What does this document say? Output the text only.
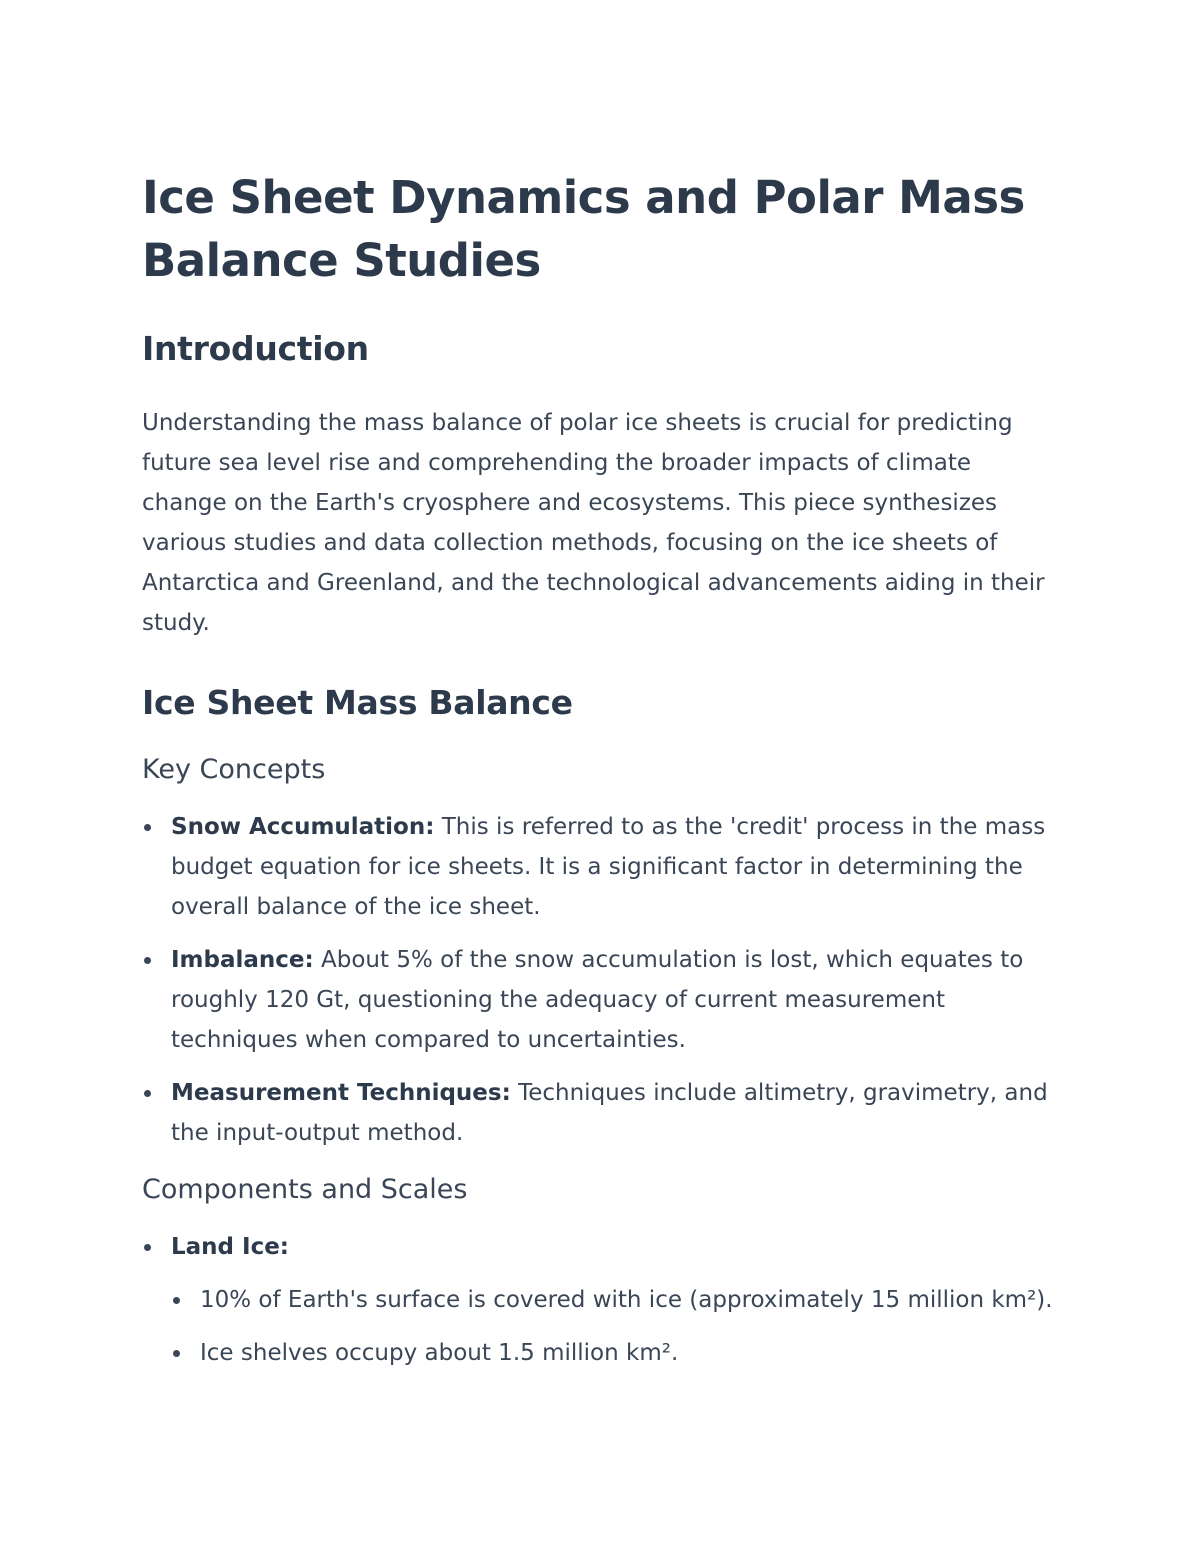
Ice Sheet Dynamics and Polar Mass Balance Studies
Introduction

Understanding the mass balance of polar ice sheets is crucial for predicting future sea level rise and comprehending the broader impacts of climate change on the Earth's cryosphere and ecosystems. This piece synthesizes various studies and data collection methods, focusing on the ice sheets of Antarctica and Greenland, and the technological advancements aiding in their study.

Ice Sheet Mass Balance
Key Concepts
Snow Accumulation: This is referred to as the 'credit' process in the mass budget equation for ice sheets. It is a significant factor in determining the overall balance of the ice sheet.
Imbalance: About 5% of the snow accumulation is lost, which equates to roughly 120 Gt, questioning the adequacy of current measurement techniques when compared to uncertainties.
Measurement Techniques: Techniques include altimetry, gravimetry, and the input-output method.
Components and Scales
Land Ice:
10% of Earth's surface is covered with ice (approximately 15 million km²).
Ice shelves occupy about 1.5 million km².
